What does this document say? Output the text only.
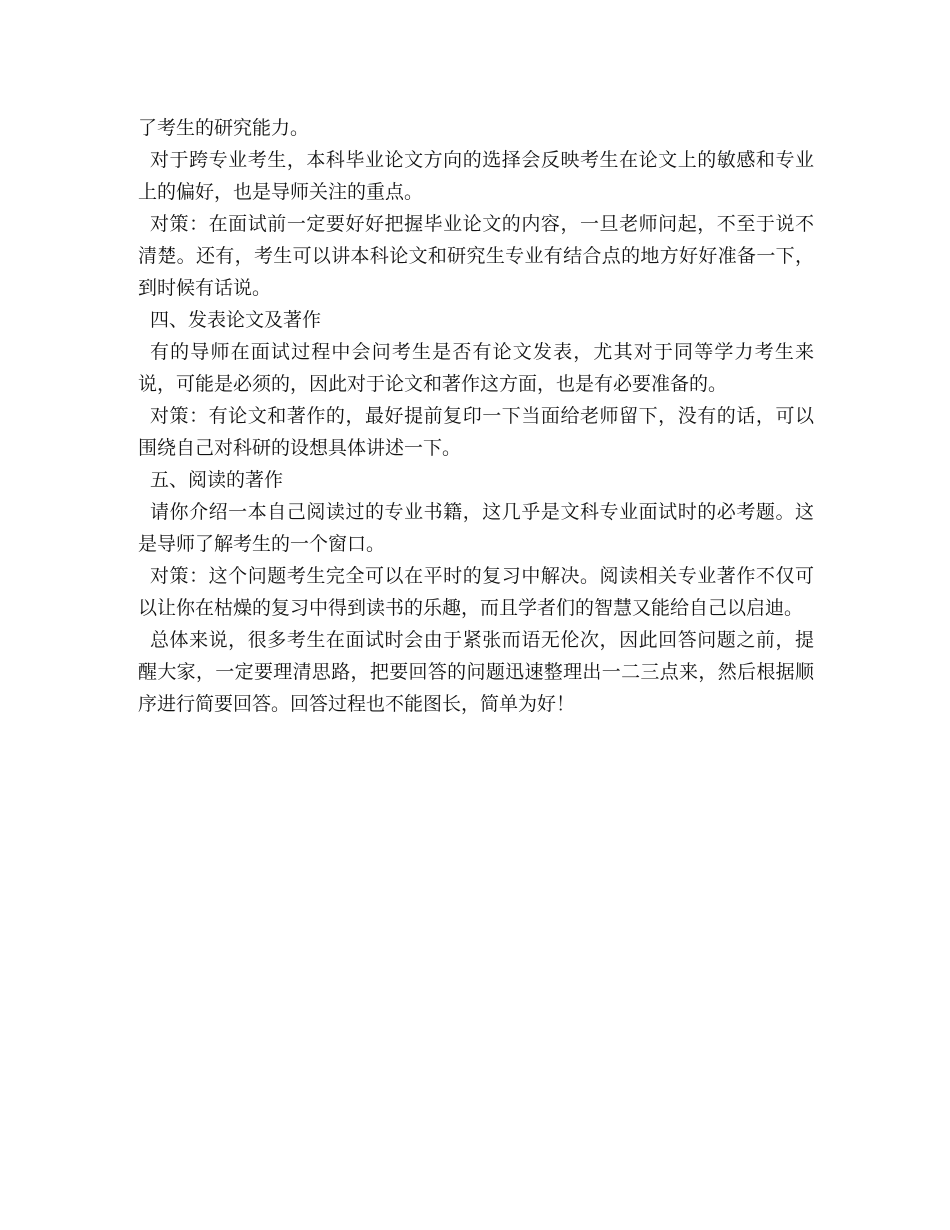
了考生的研究能力。

对于跨专业考生，本科毕业论文方向的选择会反映考生在论文上的敏感和专业上的偏好，也是导师关注的重点。

对策：在面试前一定要好好把握毕业论文的内容，一旦老师问起，不至于说不清楚。还有，考生可以讲本科论文和研究生专业有结合点的地方好好准备一下，到时候有话说。

四、发表论文及著作

有的导师在面试过程中会问考生是否有论文发表，尤其对于同等学力考生来说，可能是必须的，因此对于论文和著作这方面，也是有必要准备的。

对策：有论文和著作的，最好提前复印一下当面给老师留下，没有的话，可以围绕自己对科研的设想具体讲述一下。

五、阅读的著作

请你介绍一本自己阅读过的专业书籍，这几乎是文科专业面试时的必考题。这是导师了解考生的一个窗口。

对策：这个问题考生完全可以在平时的复习中解决。阅读相关专业著作不仅可以让你在枯燥的复习中得到读书的乐趣，而且学者们的智慧又能给自己以启迪。

总体来说，很多考生在面试时会由于紧张而语无伦次，因此回答问题之前，提醒大家，一定要理清思路，把要回答的问题迅速整理出一二三点来，然后根据顺序进行简要回答。回答过程也不能图长，简单为好！
